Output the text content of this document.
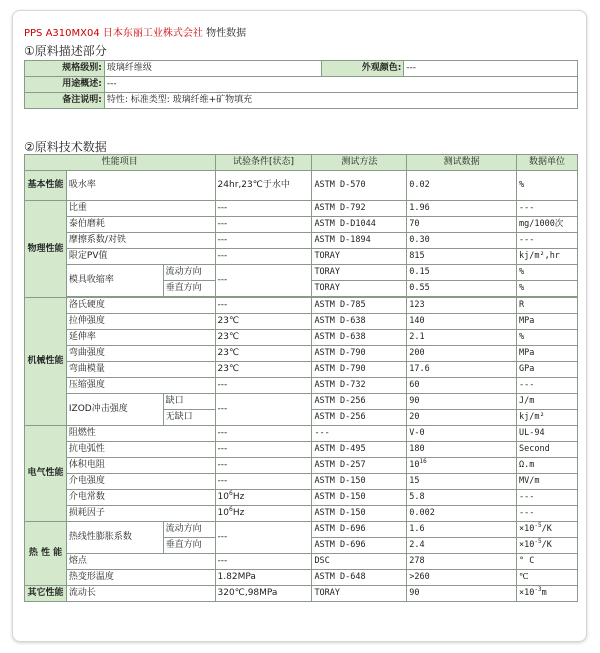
PPS A310MX04 日本东丽工业株式会社 物性数据
①原料描述部分
规格级别:	玻璃纤维级	外观颜色:	---
用途概述:	---		
备注说明:	特性: 标准类型: 玻璃纤维+矿物填充		
②原料技术数据
性能项目			试验条件[状态]	测试方法	测试数据	数据单位
基本性能	吸水率		24hr,23℃于水中	ASTM D-570	0.02	%
物理性能	比重		---	ASTM D-792	1.96	---
	泰伯磨耗		---	ASTM D-D1044	70	mg/1000次
	摩擦系数/对铁		---	ASTM D-1894	0.30	---
	限定PV值		---	TORAY	815	kj/m²,hr
	模具收缩率	流动方向	---	TORAY	0.15	%
		垂直方向		TORAY	0.55	%

机械性能	洛氏硬度		---	ASTM D-785	123	R
	拉伸强度		23℃	ASTM D-638	140	MPa
	延伸率		23℃	ASTM D-638	2.1	%
	弯曲强度		23℃	ASTM D-790	200	MPa
	弯曲模量		23℃	ASTM D-790	17.6	GPa
	压缩强度		---	ASTM D-732	60	---
	IZOD冲击强度	缺口	---	ASTM D-256	90	J/m
		无缺口		ASTM D-256	20	kj/m²
电气性能	阻燃性		---	---	V-0	UL-94
	抗电弧性		---	ASTM D-495	180	Second
	体积电阻		---	ASTM D-257	$10^{16}$	Ω.m
	介电强度		---	ASTM D-150	15	MV/m
	介电常数		$10^6Hz$	ASTM D-150	5.8	---
	损耗因子		$10^6Hz$	ASTM D-150	0.002	---
热 性 能	热线性膨胀系数	流动方向	---	ASTM D-696	1.6	$\times 10^{-5}/K$
		垂直方向		ASTM D-696	2.4	$\times 10^{-5}/K$
	熔点		---	DSC	278	° C
	热变形温度		1.82MPa	ASTM D-648	>260	℃
其它性能	流动长		320℃,98MPa	TORAY	90	$\times 10^{-3}m$
